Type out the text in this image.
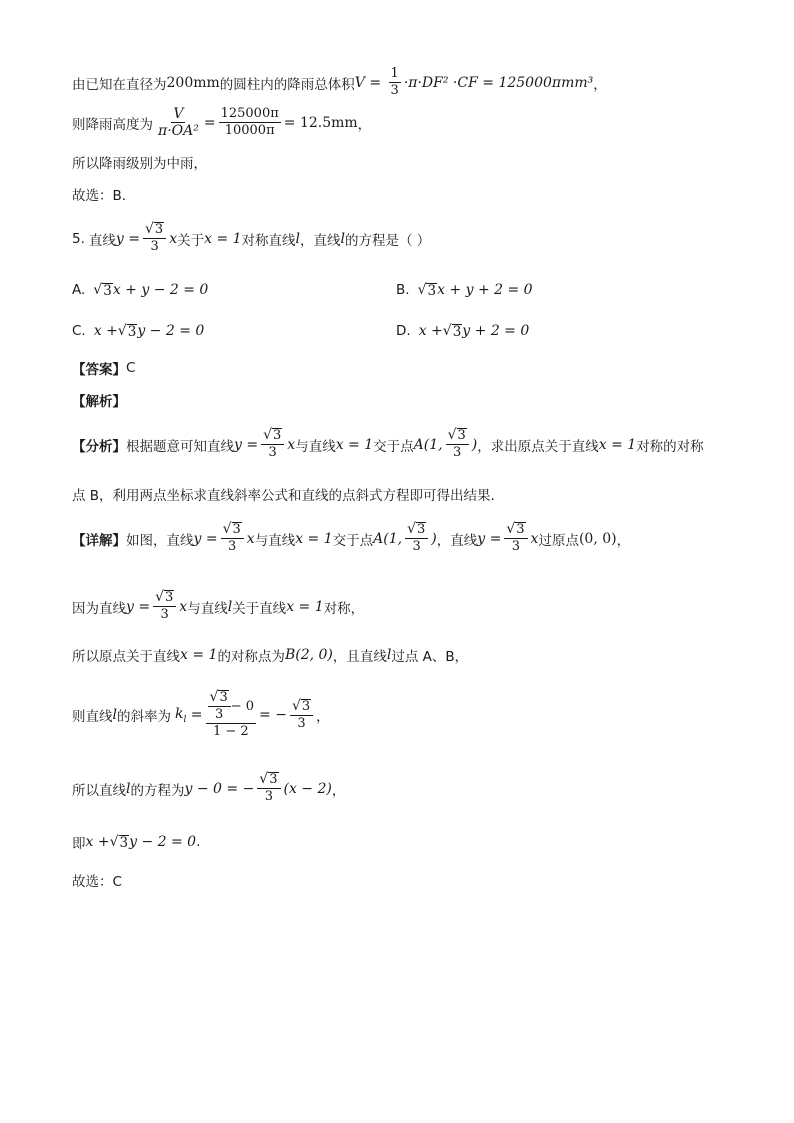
由已知在直径为 200mm 的圆柱内的降雨总体积 $V = \frac{1}{3} \cdot\pi\cdot DF^2 \cdot CF = 125000\pi mm^3$ ，
则降雨高度为 $\frac{V}{\text{π·OA²}} = \frac{125000\pi}{10000\pi} = 12.5mm$ ，
所以降雨级别为中雨，
故选：B.
5. 直线 $y = \frac{√ 3}{3}$ x 关于 x = 1 对称直线 l ，直线 l 的方程是（ ）
A. √ 3 x + y − 2 = 0	B. √ 3 x + y + 2 = 0
C. x + √ 3 y − 2 = 0	D. x + √ 3 y + 2 = 0
【答案】 C
【解析】
【分析】 根据题意可知直线 $y = \frac{√ 3}{3}$ x 与直线 x = 1 交于点 A(1, $\frac{√ 3}{3}$ ) ，求出原点关于直线 x = 1 对称的对称
点 B，利用两点坐标求直线斜率公式和直线的点斜式方程即可得出结果.
【详解】 如图，直线 $y = \frac{√ 3}{3}$ x 与直线 x = 1 交于点 A(1, $\frac{√ 3}{3}$ ) ，直线 $y = \frac{√ 3}{3}$ x 过原点 (0, 0) ，
因为直线 $y = \frac{√ 3}{3}$ x 与直线 l 关于直线 x = 1 对称，
所以原点关于直线 x = 1 的对称点为 B(2, 0) ，且直线 l 过点 A、B，
则直线 l 的斜率为 $k_l = \frac{\frac{√ 3}{3} - 0}{1 - 2}$ = − $\frac{√ 3}{3}$ ，
所以直线 l 的方程为 y − 0 = − $\frac{√ 3}{3} (x - 2)$ ，
即 x + √ 3 y − 2 = 0 .
故选：C
